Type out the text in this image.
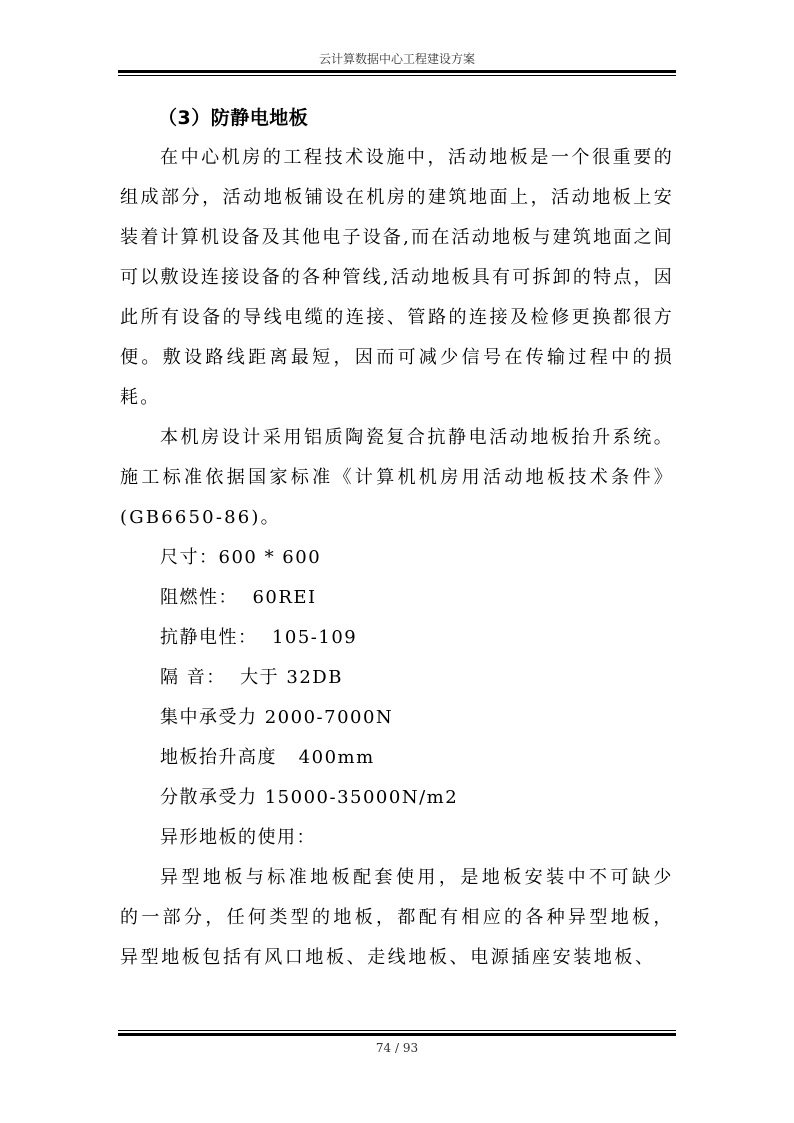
云计算数据中心工程建设方案
（3）防静电地板

在中心机房的工程技术设施中，活动地板是一个很重要的组成部分，活动地板铺设在机房的建筑地面上，活动地板上安装着计算机设备及其他电子设备,而在活动地板与建筑地面之间可以敷设连接设备的各种管线,活动地板具有可拆卸的特点，因此所有设备的导线电缆的连接、管路的连接及检修更换都很方便。敷设路线距离最短，因而可减少信号在传输过程中的损耗。

本机房设计采用铝质陶瓷复合抗静电活动地板抬升系统。施工标准依据国家标准《计算机机房用活动地板技术条件》(GB6650-86)。

尺寸：600 * 600
阻燃性：  60REI
抗静电性：  105-109
隔 音：  大于 32DB
集中承受力 2000-7000N
地板抬升高度   400mm
分散承受力 15000-35000N/m2
异形地板的使用：

异型地板与标准地板配套使用，是地板安装中不可缺少的一部分，任何类型的地板，都配有相应的各种异型地板，异型地板包括有风口地板、走线地板、电源插座安装地板、

74 / 93
